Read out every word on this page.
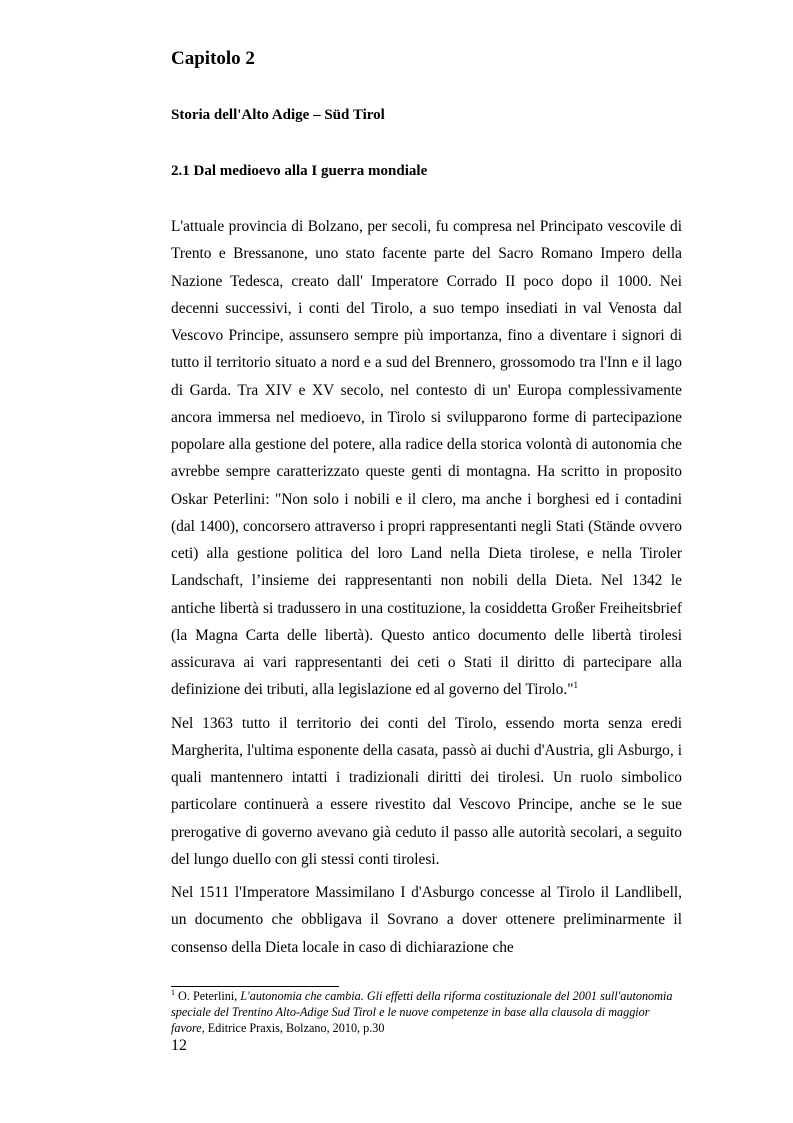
Capitolo 2
Storia dell'Alto Adige – Süd Tirol
2.1 Dal medioevo alla I guerra mondiale

L'attuale provincia di Bolzano, per secoli, fu compresa nel Principato vescovile di Trento e Bressanone, uno stato facente parte del Sacro Romano Impero della Nazione Tedesca, creato dall' Imperatore Corrado II poco dopo il 1000. Nei decenni successivi, i conti del Tirolo, a suo tempo insediati in val Venosta dal Vescovo Principe, assunsero sempre più importanza, fino a diventare i signori di tutto il territorio situato a nord e a sud del Brennero, grossomodo tra l'Inn e il lago di Garda. Tra XIV e XV secolo, nel contesto di un' Europa complessivamente ancora immersa nel medioevo, in Tirolo si svilupparono forme di partecipazione popolare alla gestione del potere, alla radice della storica volontà di autonomia che avrebbe sempre caratterizzato queste genti di montagna. Ha scritto in proposito Oskar Peterlini: "Non solo i nobili e il clero, ma anche i borghesi ed i contadini (dal 1400), concorsero attraverso i propri rappresentanti negli Stati (Stände ovvero ceti) alla gestione politica del loro Land nella Dieta tirolese, e nella Tiroler Landschaft, l’insieme dei rappresentanti non nobili della Dieta. Nel 1342 le antiche libertà si tradussero in una costituzione, la cosiddetta Großer Freiheitsbrief (la Magna Carta delle libertà). Questo antico documento delle libertà tirolesi assicurava ai vari rappresentanti dei ceti o Stati il diritto di partecipare alla definizione dei tributi, alla legislazione ed al governo del Tirolo."$^1$

Nel 1363 tutto il territorio dei conti del Tirolo, essendo morta senza eredi Margherita, l'ultima esponente della casata, passò ai duchi d'Austria, gli Asburgo, i quali mantennero intatti i tradizionali diritti dei tirolesi. Un ruolo simbolico particolare continuerà a essere rivestito dal Vescovo Principe, anche se le sue prerogative di governo avevano già ceduto il passo alle autorità secolari, a seguito del lungo duello con gli stessi conti tirolesi.

Nel 1511 l'Imperatore Massimilano I d'Asburgo concesse al Tirolo il Landlibell, un documento che obbligava il Sovrano a dover ottenere preliminarmente il consenso della Dieta locale in caso di dichiarazione che

$^1$ O. Peterlini, L'autonomia che cambia. Gli effetti della riforma costituzionale del 2001 sull'autonomia speciale del Trentino Alto-Adige Sud Tirol e le nuove competenze in base alla clausola di maggior favore, Editrice Praxis, Bolzano, 2010, p.30

12
